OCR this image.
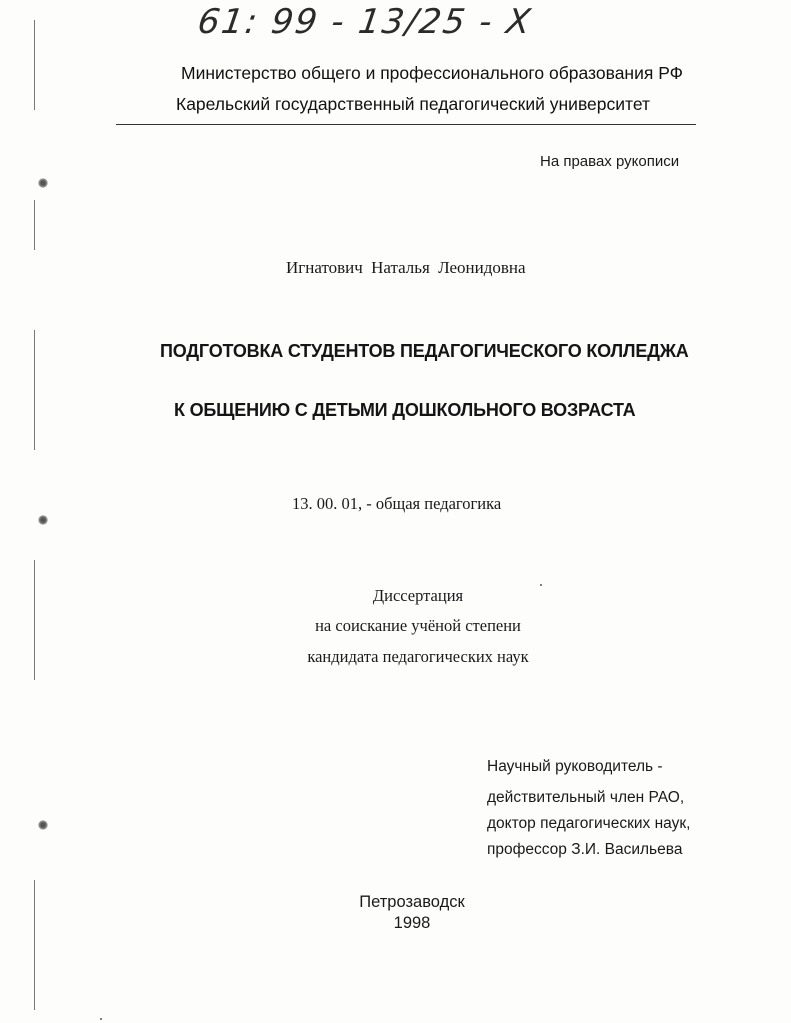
61: 99 - 13/25 - X
Министерство общего и профессионального образования РФ
Карельский государственный педагогический университет
На правах рукописи
Игнатович Наталья Леонидовна
ПОДГОТОВКА СТУДЕНТОВ ПЕДАГОГИЧЕСКОГО КОЛЛЕДЖА
К ОБЩЕНИЮ С ДЕТЬМИ ДОШКОЛЬНОГО ВОЗРАСТА
13. 00. 01, - общая педагогика
Диссертация
на соискание учёной степени
кандидата педагогических наук
Научный руководитель -
действительный член РАО,
доктор педагогических наук,
профессор З.И. Васильева
Петрозаводск
1998
